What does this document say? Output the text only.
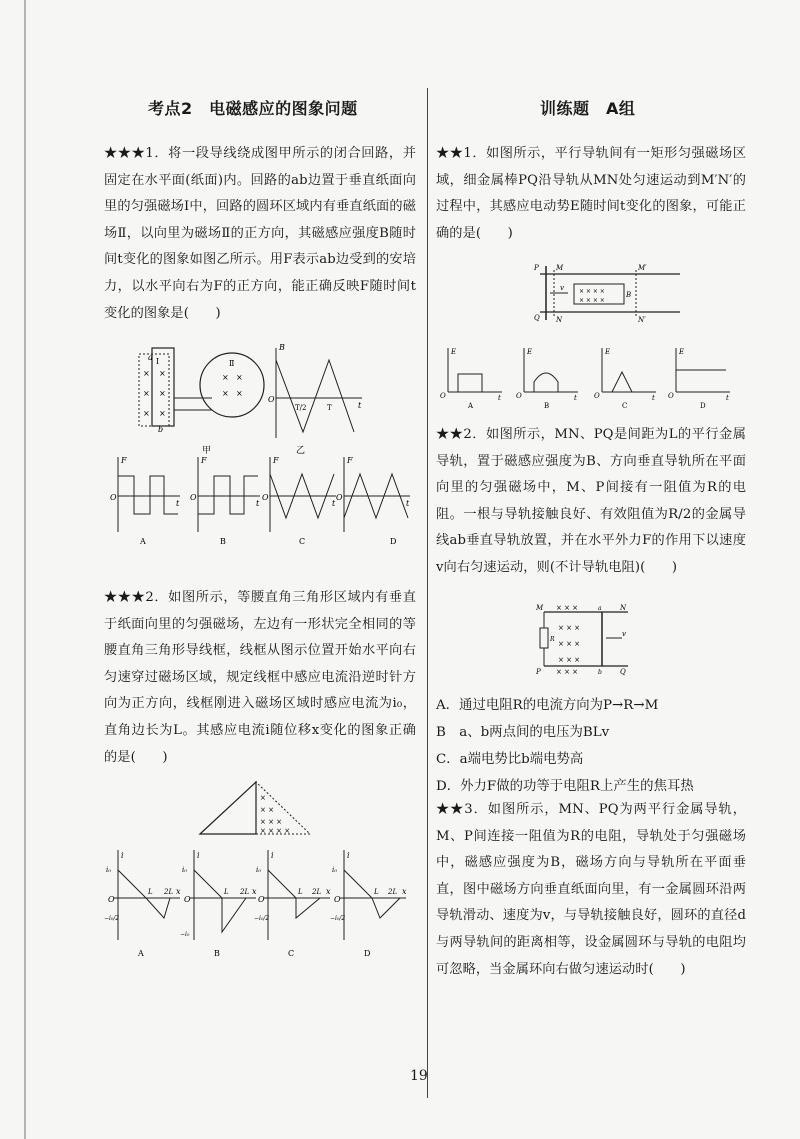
考点2　电磁感应的图象问题
★★★1．将一段导线绕成图甲所示的闭合回路，并固定在水平面(纸面)内。回路的ab边置于垂直纸面向里的匀强磁场Ⅰ中，回路的圆环区域内有垂直纸面的磁场Ⅱ，以向里为磁场Ⅱ的正方向，其磁感应强度B随时间t变化的图象如图乙所示。用F表示ab边受到的安培力，以水平向右为F的正方向，能正确反映F随时间t变化的图象是(　　)
× ×
× ×
× ×
× ×
× ×
a
b
Ⅰ	Ⅱ
甲
B
t
O
T/2	T
乙
F
O
t
A
F
O
t
B
F
O
t
C
F
O
t
D
★★★2．如图所示，等腰直角三角形区域内有垂直于纸面向里的匀强磁场，左边有一形状完全相同的等腰直角三角形导线框，线框从图示位置开始水平向右匀速穿过磁场区域，规定线框中感应电流沿逆时针方向为正方向，线框刚进入磁场区域时感应电流为i₀，直角边长为L。其感应电流i随位移x变化的图象正确的是(　　)
×
× ×
× × ×
× × × ×
i
i₀
O
−i₀/2
L 2L x
A
i
i₀
O
−i₀
L 2L x
B
i
i₀
O
−i₀/2
L 2L x
C
i
i₀
O
−i₀/2
L 2L x
D
训练题　A组
★★1．如图所示，平行导轨间有一矩形匀强磁场区域，细金属棒PQ沿导轨从MN处匀速运动到M′N′的过程中，其感应电动势E随时间t变化的图象，可能正确的是(　　)
× × × ×
× × × ×
v
B
P
Q
M
N
M′
N′
E
O	t
A
E
O	t
B
E
O	t
C
E
O	t
D
★★2．如图所示，MN、PQ是间距为L的平行金属导轨，置于磁感应强度为B、方向垂直导轨所在平面向里的匀强磁场中，M、P间接有一阻值为R的电阻。一根与导轨接触良好、有效阻值为R/2的金属导线ab垂直导轨放置，并在水平外力F的作用下以速度v向右匀速运动，则(不计导轨电阻)(　　)
× × ×
× × ×
× × ×
× × ×
× × ×
M	N
P	Q
R
a
b
v
A．通过电阻R的电流方向为P→R→M
B　a、b两点间的电压为BLv
C．a端电势比b端电势高
D．外力F做的功等于电阻R上产生的焦耳热
★★3．如图所示，MN、PQ为两平行金属导轨，M、P间连接一阻值为R的电阻，导轨处于匀强磁场中，磁感应强度为B，磁场方向与导轨所在平面垂直，图中磁场方向垂直纸面向里，有一金属圆环沿两导轨滑动、速度为v，与导轨接触良好，圆环的直径d与两导轨间的距离相等，设金属圆环与导轨的电阻均可忽略，当金属环向右做匀速运动时(　　)
19
